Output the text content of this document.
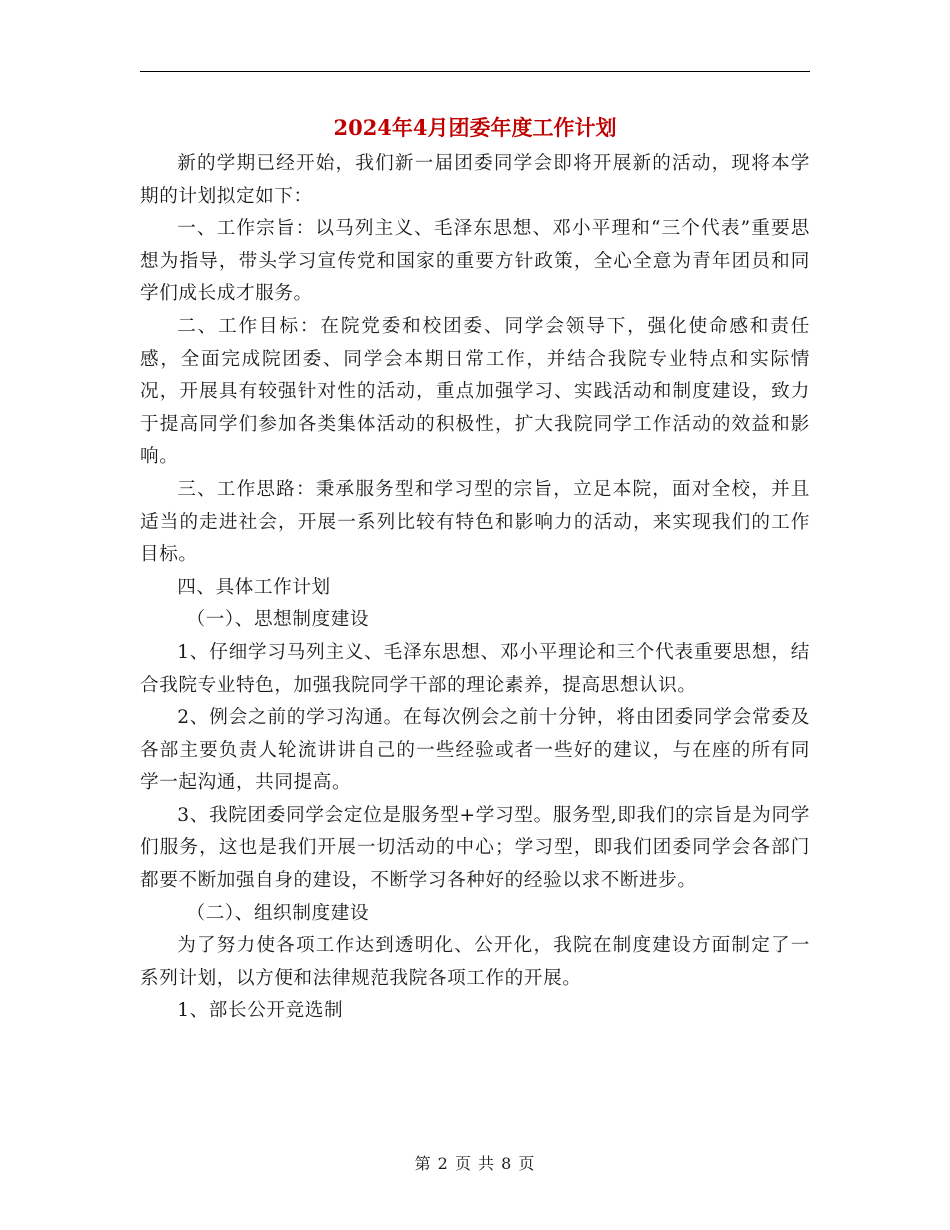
2024年4月团委年度工作计划

新的学期已经开始，我们新一届团委同学会即将开展新的活动，现将本学期的计划拟定如下：

一、工作宗旨：以马列主义、毛泽东思想、邓小平理和“三个代表”重要思想为指导，带头学习宣传党和国家的重要方针政策，全心全意为青年团员和同学们成长成才服务。

二、工作目标：在院党委和校团委、同学会领导下，强化使命感和责任感，全面完成院团委、同学会本期日常工作，并结合我院专业特点和实际情况，开展具有较强针对性的活动，重点加强学习、实践活动和制度建设，致力于提高同学们参加各类集体活动的积极性，扩大我院同学工作活动的效益和影响。

三、工作思路：秉承服务型和学习型的宗旨，立足本院，面对全校，并且适当的走进社会，开展一系列比较有特色和影响力的活动，来实现我们的工作目标。

四、具体工作计划

（一）、思想制度建设

1、仔细学习马列主义、毛泽东思想、邓小平理论和三个代表重要思想，结合我院专业特色，加强我院同学干部的理论素养，提高思想认识。

2、例会之前的学习沟通。在每次例会之前十分钟，将由团委同学会常委及各部主要负责人轮流讲讲自己的一些经验或者一些好的建议，与在座的所有同学一起沟通，共同提高。

3、我院团委同学会定位是服务型+学习型。服务型,即我们的宗旨是为同学们服务，这也是我们开展一切活动的中心；学习型，即我们团委同学会各部门都要不断加强自身的建设，不断学习各种好的经验以求不断进步。

（二）、组织制度建设

为了努力使各项工作达到透明化、公开化，我院在制度建设方面制定了一系列计划，以方便和法律规范我院各项工作的开展。

1、部长公开竞选制

第 2 页 共 8 页
